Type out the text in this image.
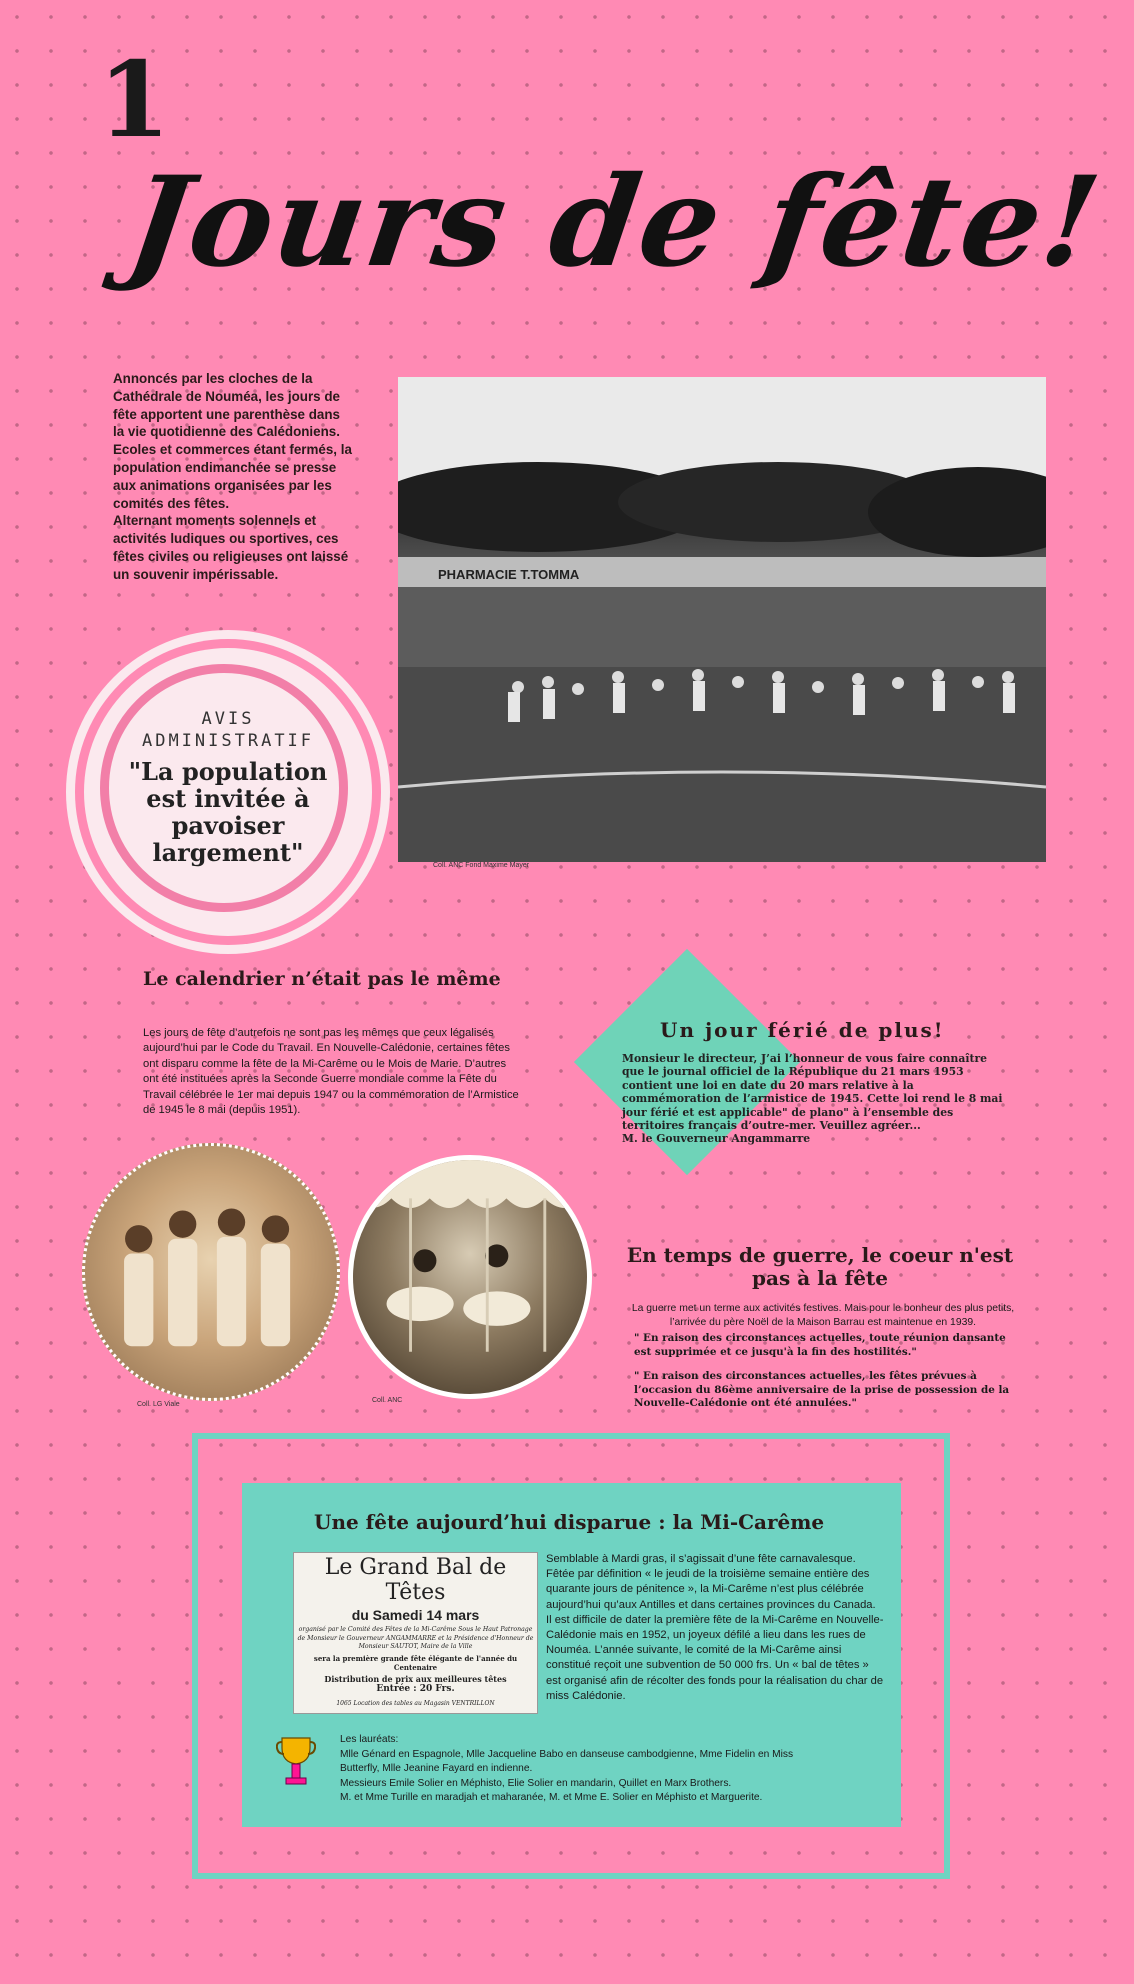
1
Jours de fête!

Annoncés par les cloches de la Cathédrale de Nouméa, les jours de fête apportent une parenthèse dans la vie quotidienne des Calédoniens.

Ecoles et commerces étant fermés, la population endimanchée se presse aux animations organisées par les comités des fêtes.

Alternant moments solennels et activités ludiques ou sportives, ces fêtes civiles ou religieuses ont laissé un souvenir impérissable.	PHARMACIE T.TOMMA
Coll. ANC Fond Maxime Mayer
AVIS
ADMINISTRATIF
"La population est invitée à pavoiser largement"
Le calendrier n’était pas le même
Les jours de fête d’autrefois ne sont pas les mêmes que ceux légalisés aujourd’hui par le Code du Travail. En Nouvelle-Calédonie, certaines fêtes ont disparu comme la fête de la Mi-Carême ou le Mois de Marie. D’autres ont été instituées après la Seconde Guerre mondiale comme la Fête du Travail célébrée le 1er mai depuis 1947 ou la commémoration de l’Armistice de 1945 le 8 mai (depuis 1951).
Un jour férié de plus!

Monsieur le directeur, J’ai l’honneur de vous faire connaître que le journal officiel de la République du 21 mars 1953 contient une loi en date du 20 mars relative à la commémoration de l’armistice de 1945. Cette loi rend le 8 mai jour férié et est applicable" de plano" à l’ensemble des territoires français d’outre-mer. Veuillez agréer...

M. le Gouverneur Angammarre

Coll. LG Viale
Coll. ANC
En temps de guerre, le coeur n'est pas à la fête
La guerre met un terme aux activités festives. Mais pour le bonheur des plus petits, l’arrivée du père Noël de la Maison Barrau est maintenue en 1939.
" En raison des circonstances actuelles, toute réunion dansante est supprimée et ce jusqu'à la fin des hostilités."
" En raison des circonstances actuelles, les fêtes prévues à l’occasion du 86ème anniversaire de la prise de possession de la Nouvelle-Calédonie ont été annulées."
Une fête aujourd’hui disparue : la Mi-Carême
Le Grand Bal de Têtes
du Samedi 14 mars
organisé par le Comité des Fêtes de la Mi-Carême Sous le Haut Patronage de Monsieur le Gouverneur ANGAMMARRE et la Présidence d'Honneur de Monsieur SAUTOT, Maire de la Ville
sera la première grande fête élégante de l'année du Centenaire
Distribution de prix aux meilleures têtes
Entrée : 20 Frs.
1065 Location des tables au Magasin VENTRILLON

Semblable à Mardi gras, il s’agissait d’une fête carnavalesque. Fêtée par définition « le jeudi de la troisième semaine entière des quarante jours de pénitence », la Mi-Carême n’est plus célébrée aujourd’hui qu’aux Antilles et dans certaines provinces du Canada.

Il est difficile de dater la première fête de la Mi-Carême en Nouvelle-Calédonie mais en 1952, un joyeux défilé a lieu dans les rues de Nouméa. L’année suivante, le comité de la Mi-Carême ainsi constitué reçoit une subvention de 50 000 frs. Un « bal de têtes » est organisé afin de récolter des fonds pour la réalisation du char de miss Calédonie.

Les lauréats:

Mlle Génard en Espagnole, Mlle Jacqueline Babo en danseuse cambodgienne, Mme Fidelin en Miss Butterfly, Mlle Jeanine Fayard en indienne.

Messieurs Emile Solier en Méphisto, Elie Solier en mandarin, Quillet en Marx Brothers.

M. et Mme Turille en maradjah et maharanée, M. et Mme E. Solier en Méphisto et Marguerite.
